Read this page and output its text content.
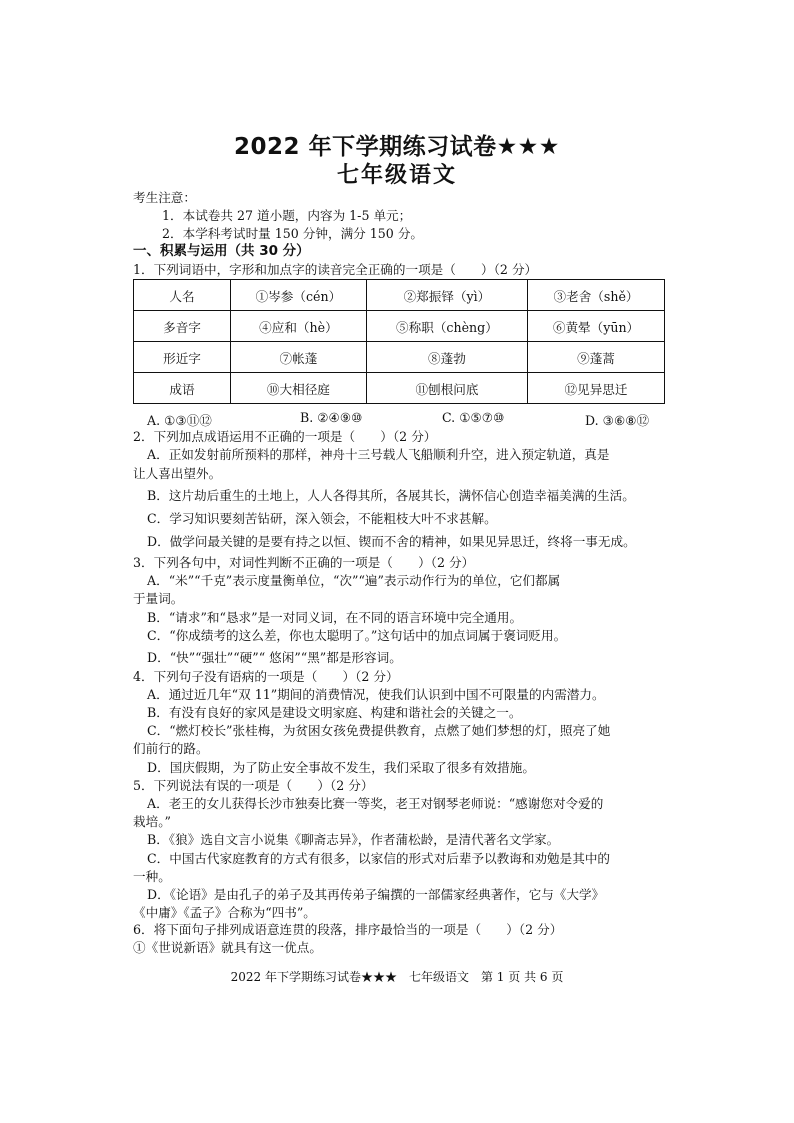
2022 年下学期练习试卷★★★
七年级语文
考生注意：
1．本试卷共 27 道小题，内容为 1-5 单元；
2．本学科考试时量 150 分钟，满分 150 分。
一、积累与运用（共 30 分）
1．下列词语中，字形和加点字的读音完全正确的一项是（　　）（2 分）
人名	①岑参（cén）	②郑振铎（yì）	③老舍（shě）
多音字	④应和（hè）	⑤称职（chèng）	⑥黄晕（yūn）
形近字	⑦帐蓬	⑧蓬勃	⑨蓬蒿
成语	⑩大相径庭	⑪刨根问底	⑫见异思迁
A. ①③⑪⑫	B. ②④⑨⑩	C. ①⑤⑦⑩	D. ③⑥⑧⑫
2．下列加点成语运用不正确的一项是（　　）（2 分）
A．正如发射前所预料的那样，神舟十三号载人飞船顺利升空，进入预定轨道，真是
让人喜出望外。
B．这片劫后重生的土地上，人人各得其所，各展其长，满怀信心创造幸福美满的生活。
C．学习知识要刻苦钻研，深入领会，不能粗枝大叶不求甚解。
D．做学问最关键的是要有持之以恒、锲而不舍的精神，如果见异思迁，终将一事无成。
3．下列各句中，对词性判断不正确的一项是（　　）（2 分）
A．“米”“千克”表示度量衡单位，“次”“遍”表示动作行为的单位，它们都属
于量词。
B．“请求”和“恳求”是一对同义词，在不同的语言环境中完全通用。
C．“你成绩考的这么差，你也太聪明了。”这句话中的加点词属于褒词贬用。
D．“快”“强壮”“硬”“ 悠闲”“黑”都是形容词。
4．下列句子没有语病的一项是（　　）（2 分）
A．通过近几年“双 11”期间的消费情况，使我们认识到中国不可限量的内需潜力。
B．有没有良好的家风是建设文明家庭、构建和谐社会的关键之一。
C．“燃灯校长”张桂梅，为贫困女孩免费提供教育，点燃了她们梦想的灯，照亮了她
们前行的路。
D．国庆假期，为了防止安全事故不发生，我们采取了很多有效措施。
5．下列说法有误的一项是（　　）（2 分）
A．老王的女儿获得长沙市独奏比赛一等奖，老王对钢琴老师说：“感谢您对令爱的
栽培。”
B．《狼》选自文言小说集《聊斋志异》，作者蒲松龄，是清代著名文学家。
C．中国古代家庭教育的方式有很多，以家信的形式对后辈予以教诲和劝勉是其中的
一种。
D．《论语》是由孔子的弟子及其再传弟子编撰的一部儒家经典著作，它与《大学》
《中庸》《孟子》合称为“四书”。
6．将下面句子排列成语意连贯的段落，排序最恰当的一项是（　　）（2 分）
①《世说新语》就具有这一优点。
2022 年下学期练习试卷★★★　七年级语文　第 1 页 共 6 页
